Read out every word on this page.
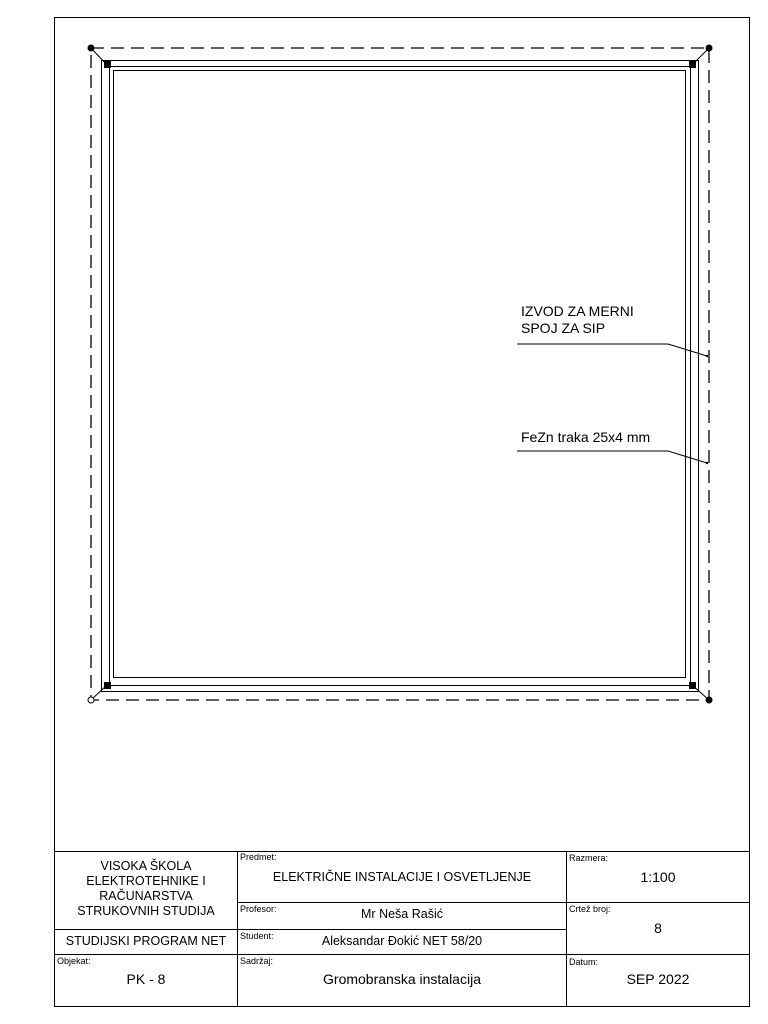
IZVOD ZA MERNI
SPOJ ZA SIP
FeZn traka 25x4 mm
VISOKA ŠKOLA
ELEKTROTEHNIKE I
RAČUNARSTVA
STRUKOVNIH STUDIJA
STUDIJSKI PROGRAM NET
Predmet:
ELEKTRIČNE INSTALACIJE I OSVETLJENJE
Razmera:
1:100
Profesor:	Mr Neša Rašić	Crtež broj:
8
Student:	Aleksandar Đokić NET 58/20
Objekat:
PK - 8
Sadržaj:
Gromobranska instalacija
Datum:
SEP 2022
